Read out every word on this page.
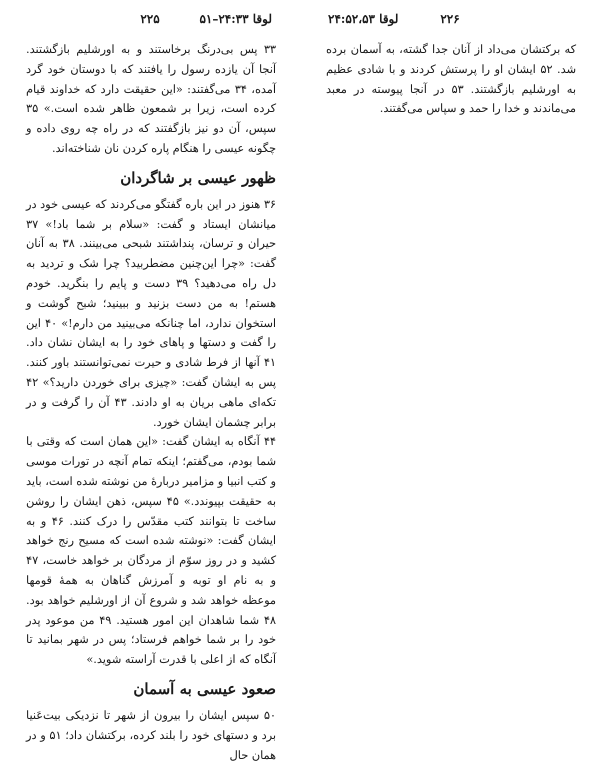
لوقا ۲۴:۳۳–۵۱
۲۲۵

۳۳ پس بی‌درنگ برخاستند و به اورشلیم بازگشتند. آنجا آن یازده رسول را یافتند که با دوستان خود گرد آمده، ۳۴ می‌گفتند: «این حقیقت دارد که خداوند قیام کرده است، زیرا بر شمعون ظاهر شده است.» ۳۵ سپس، آن دو نیز بازگفتند که در راه چه روی داده و چگونه عیسی را هنگام پاره کردن نان شناخته‌اند.

ظهور عیسی بر شاگردان

۳۶ هنوز در این باره گفتگو می‌کردند که عیسی خود در میانشان ایستاد و گفت: «سلام بر شما باد!» ۳۷ حیران و ترسان، پنداشتند شبحی می‌بینند. ۳۸ به آنان گفت: «چرا این‌چنین مضطربید؟ چرا شک و تردید به دل راه می‌دهید؟ ۳۹ دست و پایم را بنگرید. خودم هستم! به من دست بزنید و ببینید؛ شبح گوشت و استخوان ندارد، اما چنانکه می‌بینید من دارم!» ۴۰ این را گفت و دستها و پاهای خود را به ایشان نشان داد. ۴۱ آنها از فرط شادی و حیرت نمی‌توانستند باور کنند. پس به ایشان گفت: «چیزی برای خوردن دارید؟» ۴۲ تکه‌ای ماهی بریان به او دادند. ۴۳ آن را گرفت و در برابر چشمان ایشان خورد.

۴۴ آنگاه به ایشان گفت: «این همان است که وقتی با شما بودم، می‌گفتم؛ اینکه تمام آنچه در تورات موسی و کتب انبیا و مزامیر دربارهٔ من نوشته شده است، باید به حقیقت بپیوندد.» ۴۵ سپس، ذهن ایشان را روشن ساخت تا بتوانند کتب مقدّس را درک کنند. ۴۶ و به ایشان گفت: «نوشته شده است که مسیح رنج خواهد کشید و در روز سوّم از مردگان بر خواهد خاست، ۴۷ و به نام او توبه و آمرزش گناهان به همهٔ قومها موعظه خواهد شد و شروع آن از اورشلیم خواهد بود. ۴۸ شما شاهدان این امور هستید. ۴۹ من موعود پدر خود را بر شما خواهم فرستاد؛ پس در شهر بمانید تا آنگاه که از اعلی با قدرت آراسته شوید.»

صعود عیسی به آسمان

۵۰ سپس ایشان را بیرون از شهر تا نزدیکی بیت‌عَنیا برد و دستهای خود را بلند کرده، برکتشان داد؛ ۵۱ و در همان حال

لوقا ۲۴:۵۲،۵۳	۲۲۶

که برکتشان می‌داد از آنان جدا گشته، به آسمان برده شد. ۵۲ ایشان او را پرستش کردند و با شادی عظیم به اورشلیم بازگشتند. ۵۳ در آنجا پیوسته در معبد می‌ماندند و خدا را حمد و سپاس می‌گفتند.
